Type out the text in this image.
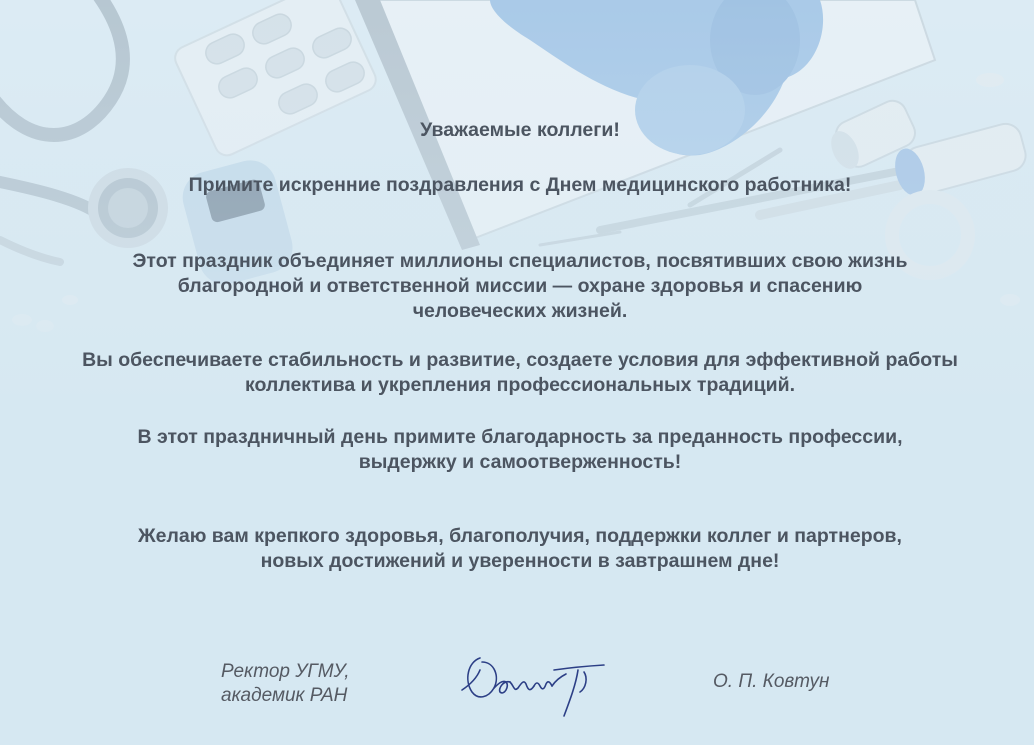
Уважаемые коллеги!
Примите искренние поздравления с Днем медицинского работника!
Этот праздник объединяет миллионы специалистов, посвятивших свою жизнь
благородной и ответственной миссии — охране здоровья и спасению
человеческих жизней.
Вы обеспечиваете стабильность и развитие, создаете условия для эффективной работы
коллектива и укрепления профессиональных традиций.
В этот праздничный день примите благодарность за преданность профессии,
выдержку и самоотверженность!
Желаю вам крепкого здоровья, благополучия, поддержки коллег и партнеров,
новых достижений и уверенности в завтрашнем дне!
Ректор УГМУ,
академик РАН
О. П. Ковтун
